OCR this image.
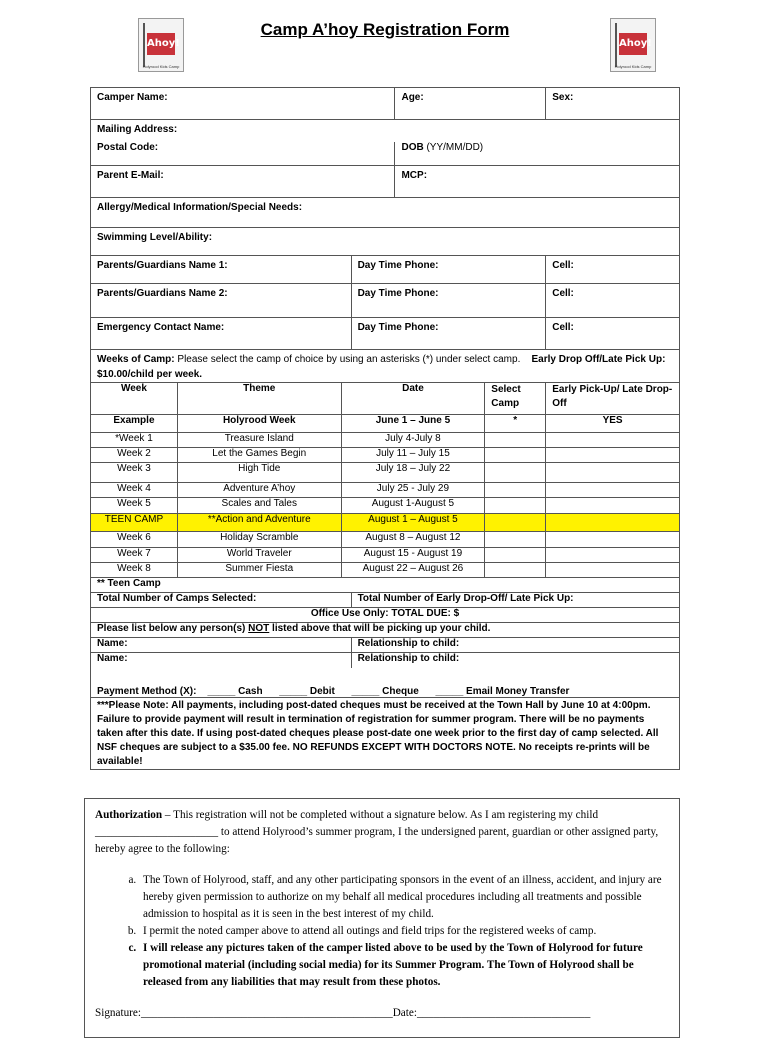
Ahoy!
Holyrood Kids Camp
Camp A’hoy Registration Form
Ahoy!
Holyrood Kids Camp
Camper Name:				Age:		Sex:
Mailing Address:						
Postal Code:				DOB (YY/MM/DD)		
Parent E-Mail:				MCP:		
Allergy/Medical Information/Special Needs:						
Swimming Level/Ability:						
Parents/Guardians Name 1:			Day Time Phone:			Cell:
Parents/Guardians Name 2:			Day Time Phone:			Cell:
Emergency Contact Name:			Day Time Phone:			Cell:
Weeks of Camp: Please select the camp of choice by using an asterisks (*) under select camp. Early Drop Off/Late Pick Up: $10.00/child per week.						
Week	Theme	Date			Select Camp	Early Pick-Up/ Late Drop-Off
Example	Holyrood Week	June 1 – June 5			*	YES
*Week 1	Treasure Island	July 4-July 8				
Week 2	Let the Games Begin	July 11 – July 15				
Week 3	High Tide	July 18 – July 22				
Week 4	Adventure A’hoy	July 25 - July 29				
Week 5	Scales and Tales	August 1-August 5				
TEEN CAMP	**Action and Adventure	August 1 – August 5				
Week 6	Holiday Scramble	August 8 – August 12				
Week 7	World Traveler	August 15 - August 19				
Week 8	Summer Fiesta	August 22 – August 26				
** Teen Camp						
Total Number of Camps Selected:			Total Number of Early Drop-Off/ Late Pick Up:			
Office Use Only: TOTAL DUE: $						
Please list below any person(s) NOT listed above that will be picking up your child.						
Name:			Relationship to child:			
Name:			Relationship to child:			
Payment Method (X):    _____ Cash      _____ Debit      _____ Cheque      _____ Email Money Transfer						
***Please Note: All payments, including post-dated cheques must be received at the Town Hall by June 10 at 4:00pm. Failure to provide payment will result in termination of registration for summer program. There will be no payments taken after this date. If using post-dated cheques please post-date one week prior to the first day of camp selected. All NSF cheques are subject to a $35.00 fee. NO REFUNDS EXCEPT WITH DOCTORS NOTE. No receipts re-prints will be available!						

Authorization – This registration will not be completed without a signature below. As I am registering my child ______________________ to attend Holyrood’s summer program, I the undersigned parent, guardian or other assigned party, hereby agree to the following:

a. The Town of Holyrood, staff, and any other participating sponsors in the event of an illness, accident, and injury are hereby given permission to authorize on my behalf all medical procedures including all treatments and possible admission to hospital as it is seen in the best interest of my child.
b. I permit the noted camper above to attend all outings and field trips for the registered weeks of camp.
c. I will release any pictures taken of the camper listed above to be used by the Town of Holyrood for future promotional material (including social media) for its Summer Program. The Town of Holyrood shall be released from any liabilities that may result from these photos.
Signature:_____________________________________________Date:_______________________________
